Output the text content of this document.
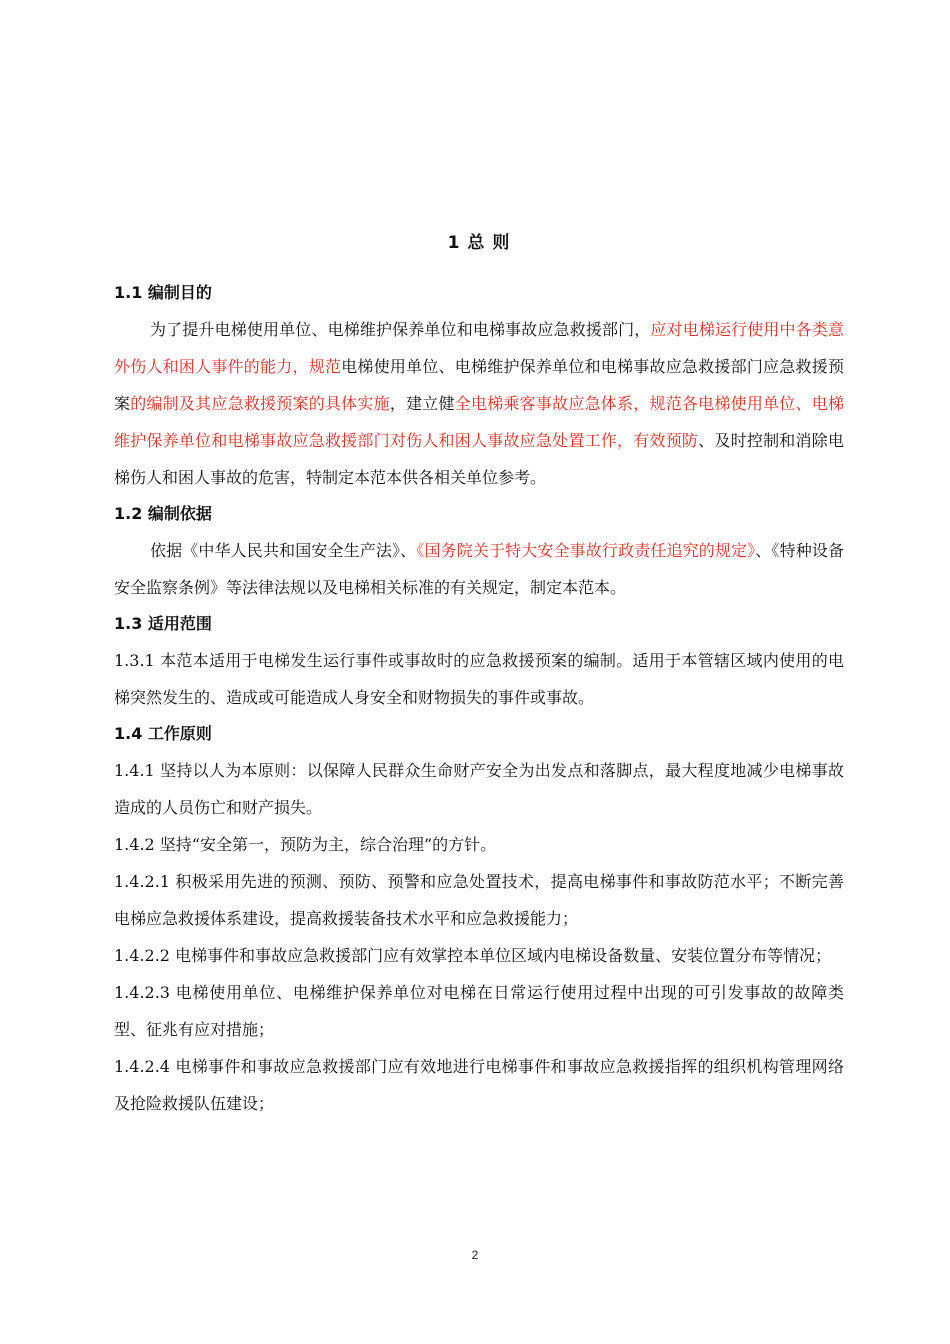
1 总 则
1.1 编制目的

为了提升电梯使用单位、电梯维护保养单位和电梯事故应急救援部门，应对电梯运行使用中各类意外伤人和困人事件的能力，规范电梯使用单位、电梯维护保养单位和电梯事故应急救援部门应急救援预案的编制及其应急救援预案的具体实施，建立健全电梯乘客事故应急体系，规范各电梯使用单位、电梯维护保养单位和电梯事故应急救援部门对伤人和困人事故应急处置工作，有效预防、及时控制和消除电梯伤人和困人事故的危害，特制定本范本供各相关单位参考。

1.2 编制依据

依据《中华人民共和国安全生产法》、《国务院关于特大安全事故行政责任追究的规定》、《特种设备安全监察条例》等法律法规以及电梯相关标准的有关规定，制定本范本。

1.3 适用范围

1.3.1 本范本适用于电梯发生运行事件或事故时的应急救援预案的编制。适用于本管辖区域内使用的电梯突然发生的、造成或可能造成人身安全和财物损失的事件或事故。

1.4 工作原则

1.4.1 坚持以人为本原则：以保障人民群众生命财产安全为出发点和落脚点，最大程度地减少电梯事故造成的人员伤亡和财产损失。

1.4.2 坚持“安全第一，预防为主，综合治理”的方针。

1.4.2.1 积极采用先进的预测、预防、预警和应急处置技术，提高电梯事件和事故防范水平；不断完善电梯应急救援体系建设，提高救援装备技术水平和应急救援能力；

1.4.2.2 电梯事件和事故应急救援部门应有效掌控本单位区域内电梯设备数量、安装位置分布等情况；

1.4.2.3 电梯使用单位、电梯维护保养单位对电梯在日常运行使用过程中出现的可引发事故的故障类型、征兆有应对措施；

1.4.2.4 电梯事件和事故应急救援部门应有效地进行电梯事件和事故应急救援指挥的组织机构管理网络及抢险救援队伍建设；

2
